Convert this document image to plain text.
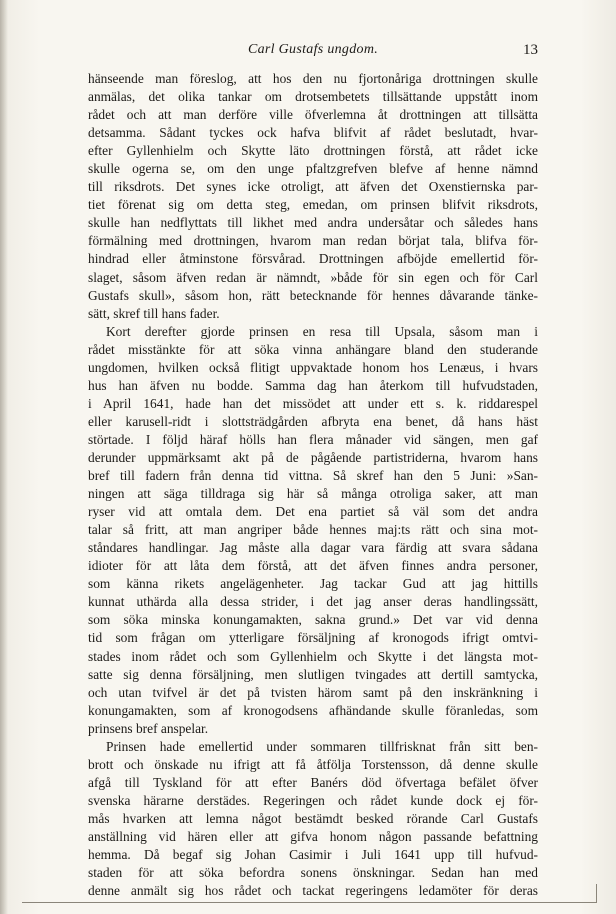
Carl Gustafs ungdom.	13
hänseende man föreslog, att hos den nu fjortonåriga drottningen skulle
anmälas, det olika tankar om drotsembetets tillsättande uppstått inom
rådet och att man derföre ville öfverlemna åt drottningen att tillsätta
detsamma. Sådant tyckes ock hafva blifvit af rådet beslutadt, hvar-
efter Gyllenhielm och Skytte läto drottningen förstå, att rådet icke
skulle ogerna se, om den unge pfaltzgrefven blefve af henne nämnd
till riksdrots. Det synes icke otroligt, att äfven det Oxenstiernska par-
tiet förenat sig om detta steg, emedan, om prinsen blifvit riksdrots,
skulle han nedflyttats till likhet med andra undersåtar och således hans
förmälning med drottningen, hvarom man redan börjat tala, blifva för-
hindrad eller åtminstone försvårad. Drottningen afböjde emellertid för-
slaget, såsom äfven redan är nämndt, »både för sin egen och för Carl
Gustafs skull», såsom hon, rätt betecknande för hennes dåvarande tänke-
sätt, skref till hans fader.
Kort derefter gjorde prinsen en resa till Upsala, såsom man i
rådet misstänkte för att söka vinna anhängare bland den studerande
ungdomen, hvilken också flitigt uppvaktade honom hos Lenæus, i hvars
hus han äfven nu bodde. Samma dag han återkom till hufvudstaden,
i April 1641, hade han det missödet att under ett s. k. riddarespel
eller karusell-ridt i slottsträdgården afbryta ena benet, då hans häst
störtade. I följd häraf hölls han flera månader vid sängen, men gaf
derunder uppmärksamt akt på de pågående partistriderna, hvarom hans
bref till fadern från denna tid vittna. Så skref han den 5 Juni: »San-
ningen att säga tilldraga sig här så många otroliga saker, att man
ryser vid att omtala dem. Det ena partiet så väl som det andra
talar så fritt, att man angriper både hennes maj:ts rätt och sina mot-
ståndares handlingar. Jag måste alla dagar vara färdig att svara sådana
idioter för att låta dem förstå, att det äfven finnes andra personer,
som känna rikets angelägenheter. Jag tackar Gud att jag hittills
kunnat uthärda alla dessa strider, i det jag anser deras handlingssätt,
som söka minska konungamakten, sakna grund.» Det var vid denna
tid som frågan om ytterligare försäljning af kronogods ifrigt omtvi-
stades inom rådet och som Gyllenhielm och Skytte i det längsta mot-
satte sig denna försäljning, men slutligen tvingades att dertill samtycka,
och utan tvifvel är det på tvisten härom samt på den inskränkning i
konungamakten, som af kronogodsens afhändande skulle föranledas, som
prinsens bref anspelar.
Prinsen hade emellertid under sommaren tillfrisknat från sitt ben-
brott och önskade nu ifrigt att få åtfölja Torstensson, då denne skulle
afgå till Tyskland för att efter Banérs död öfvertaga befälet öfver
svenska härarne derstädes. Regeringen och rådet kunde dock ej för-
mås hvarken att lemna något bestämdt besked rörande Carl Gustafs
anställning vid hären eller att gifva honom någon passande befattning
hemma. Då begaf sig Johan Casimir i Juli 1641 upp till hufvud-
staden för att söka befordra sonens önskningar. Sedan han med
denne anmält sig hos rådet och tackat regeringens ledamöter för deras
